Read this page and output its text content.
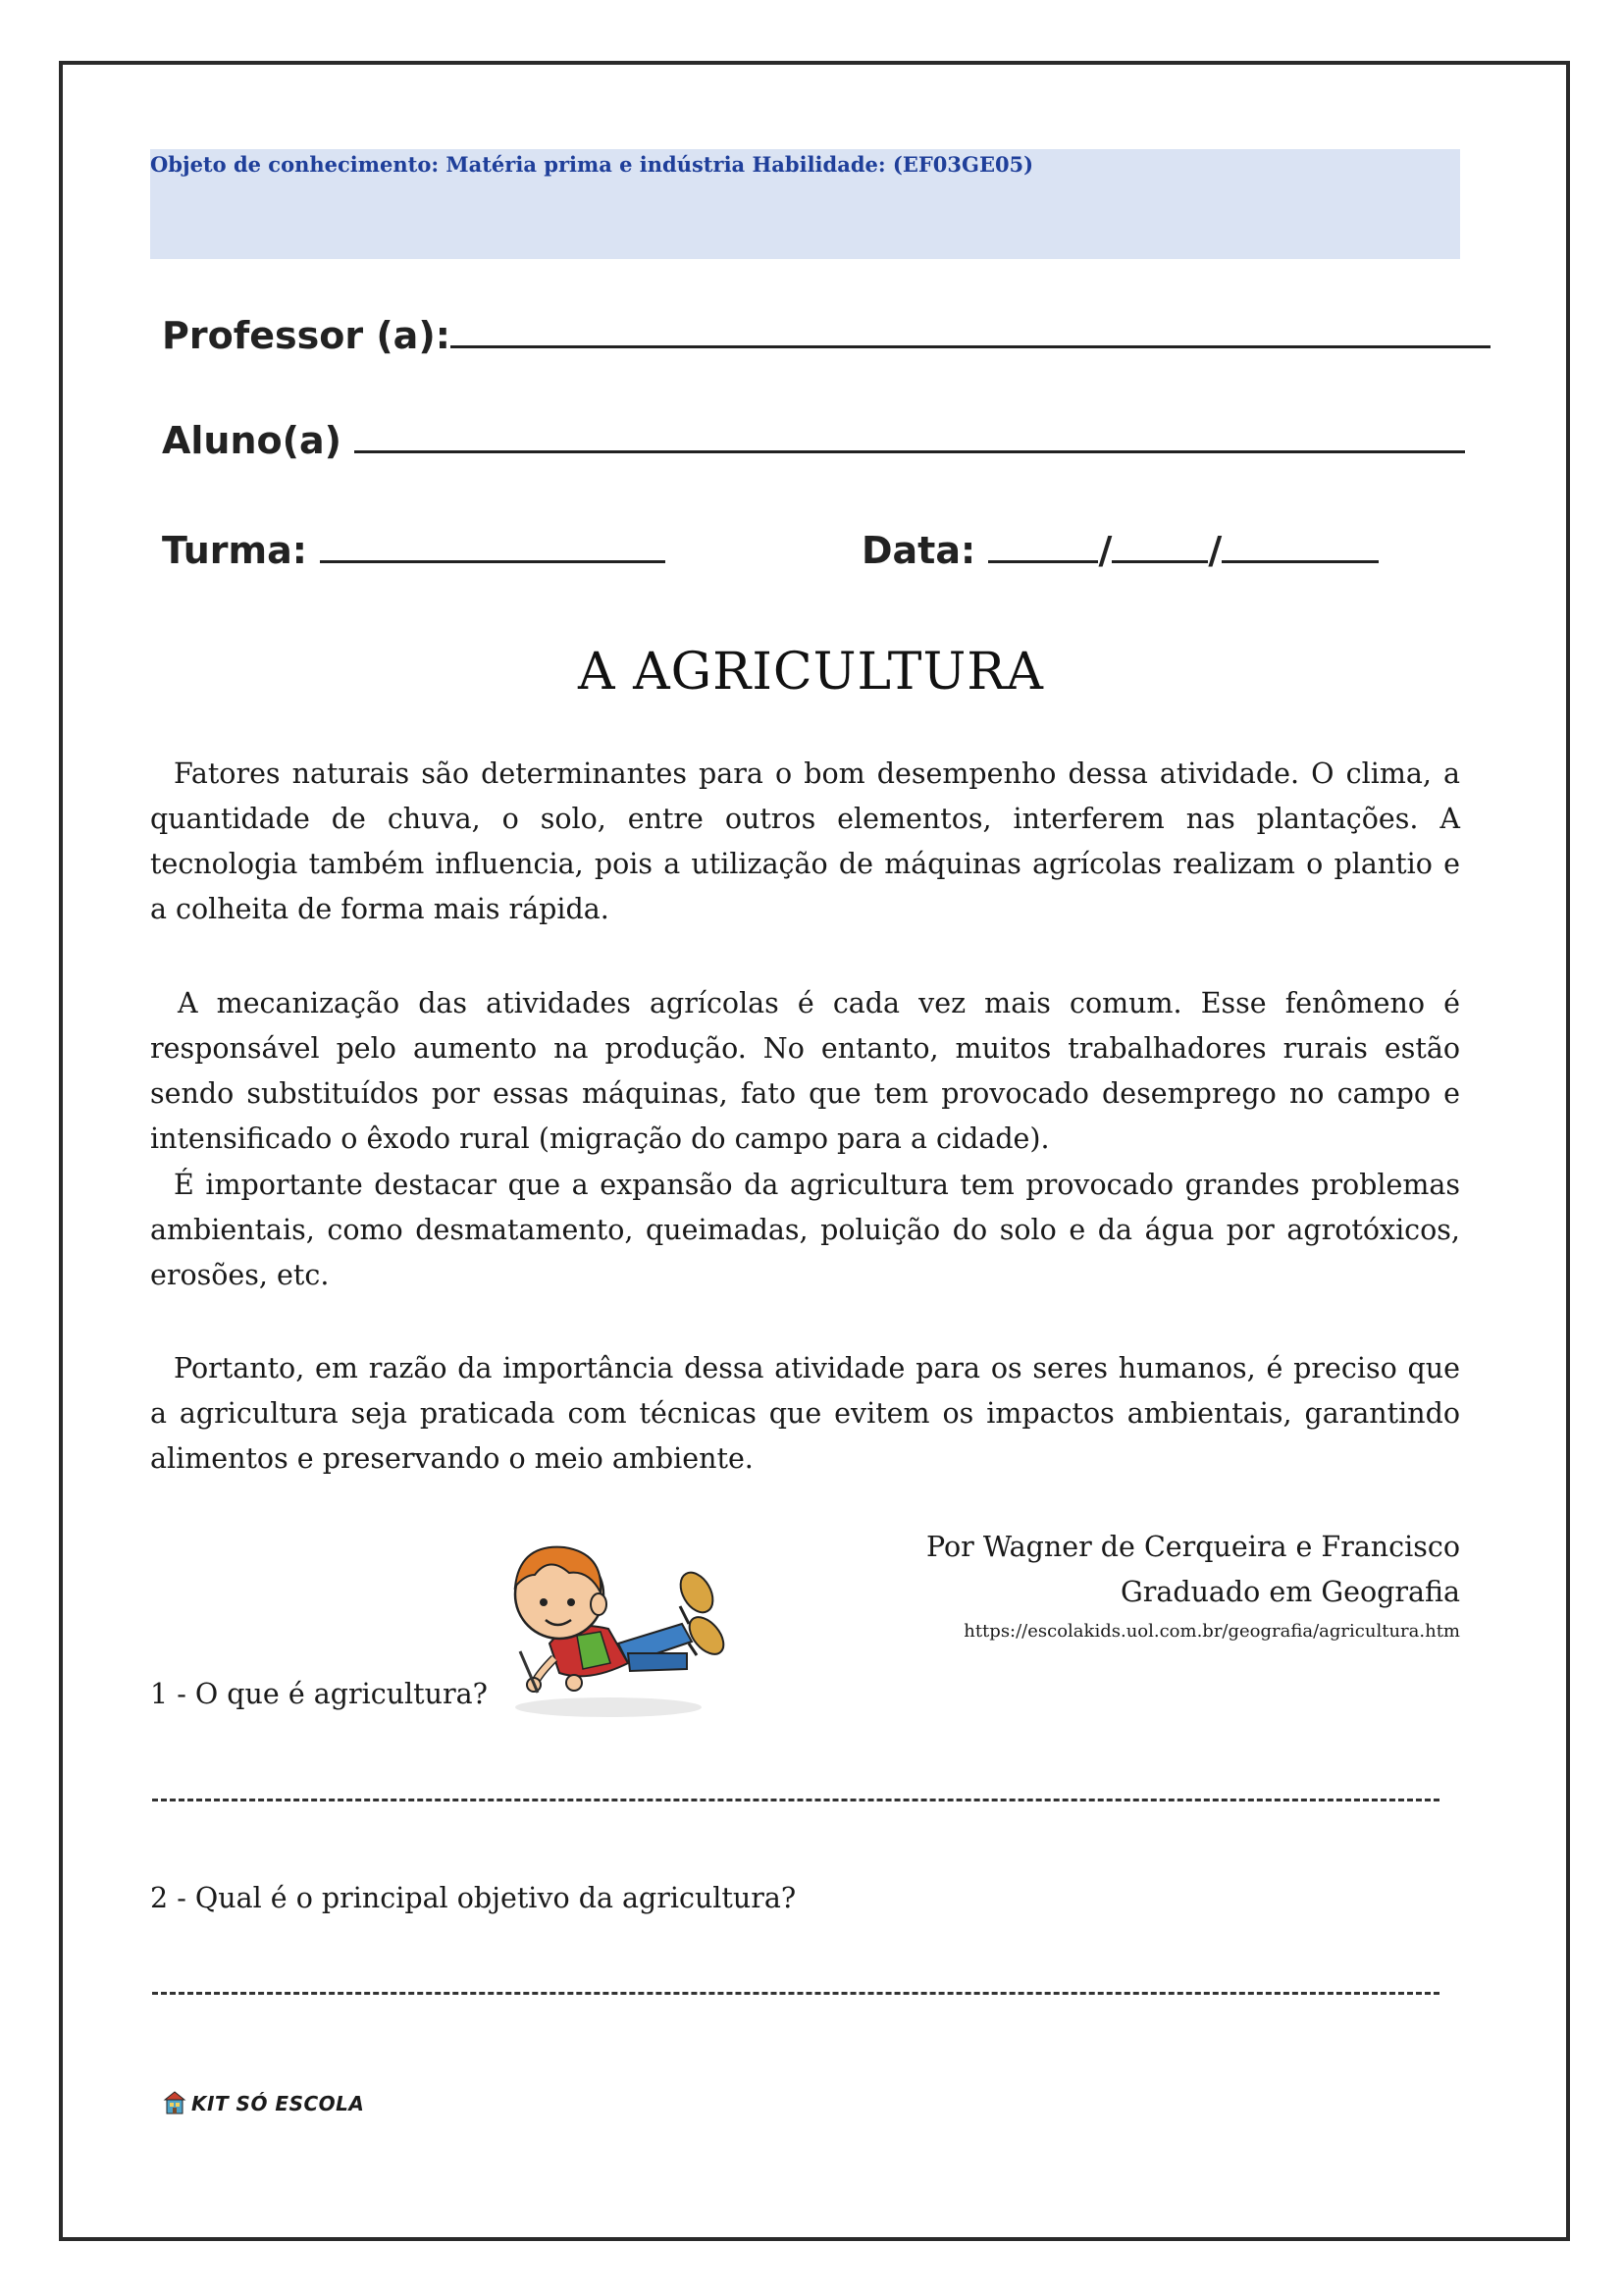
Objeto de conhecimento: Matéria prima e indústria Habilidade: (EF03GE05)
Professor (a):
Aluno(a)
Turma:	Data:	/	/
A AGRICULTURA

Fatores naturais são determinantes para o bom desempenho dessa atividade. O clima, a quantidade de chuva, o solo, entre outros elementos, interferem nas plantações. A tecnologia também influencia, pois a utilização de máquinas agrícolas realizam o plantio e a colheita de forma mais rápida.

A mecanização das atividades agrícolas é cada vez mais comum. Esse fenômeno é responsável pelo aumento na produção. No entanto, muitos trabalhadores rurais estão sendo substituídos por essas máquinas, fato que tem provocado desemprego no campo e intensificado o êxodo rural (migração do campo para a cidade).

É importante destacar que a expansão da agricultura tem provocado grandes problemas ambientais, como desmatamento, queimadas, poluição do solo e da água por agrotóxicos, erosões, etc.

Portanto, em razão da importância dessa atividade para os seres humanos, é preciso que a agricultura seja praticada com técnicas que evitem os impactos ambientais, garantindo alimentos e preservando o meio ambiente.

Por Wagner de Cerqueira e Francisco
Graduado em Geografia
https://escolakids.uol.com.br/geografia/agricultura.htm
1 - O que é agricultura?
2 - Qual é o principal objetivo da agricultura?
KIT SÓ ESCOLA
